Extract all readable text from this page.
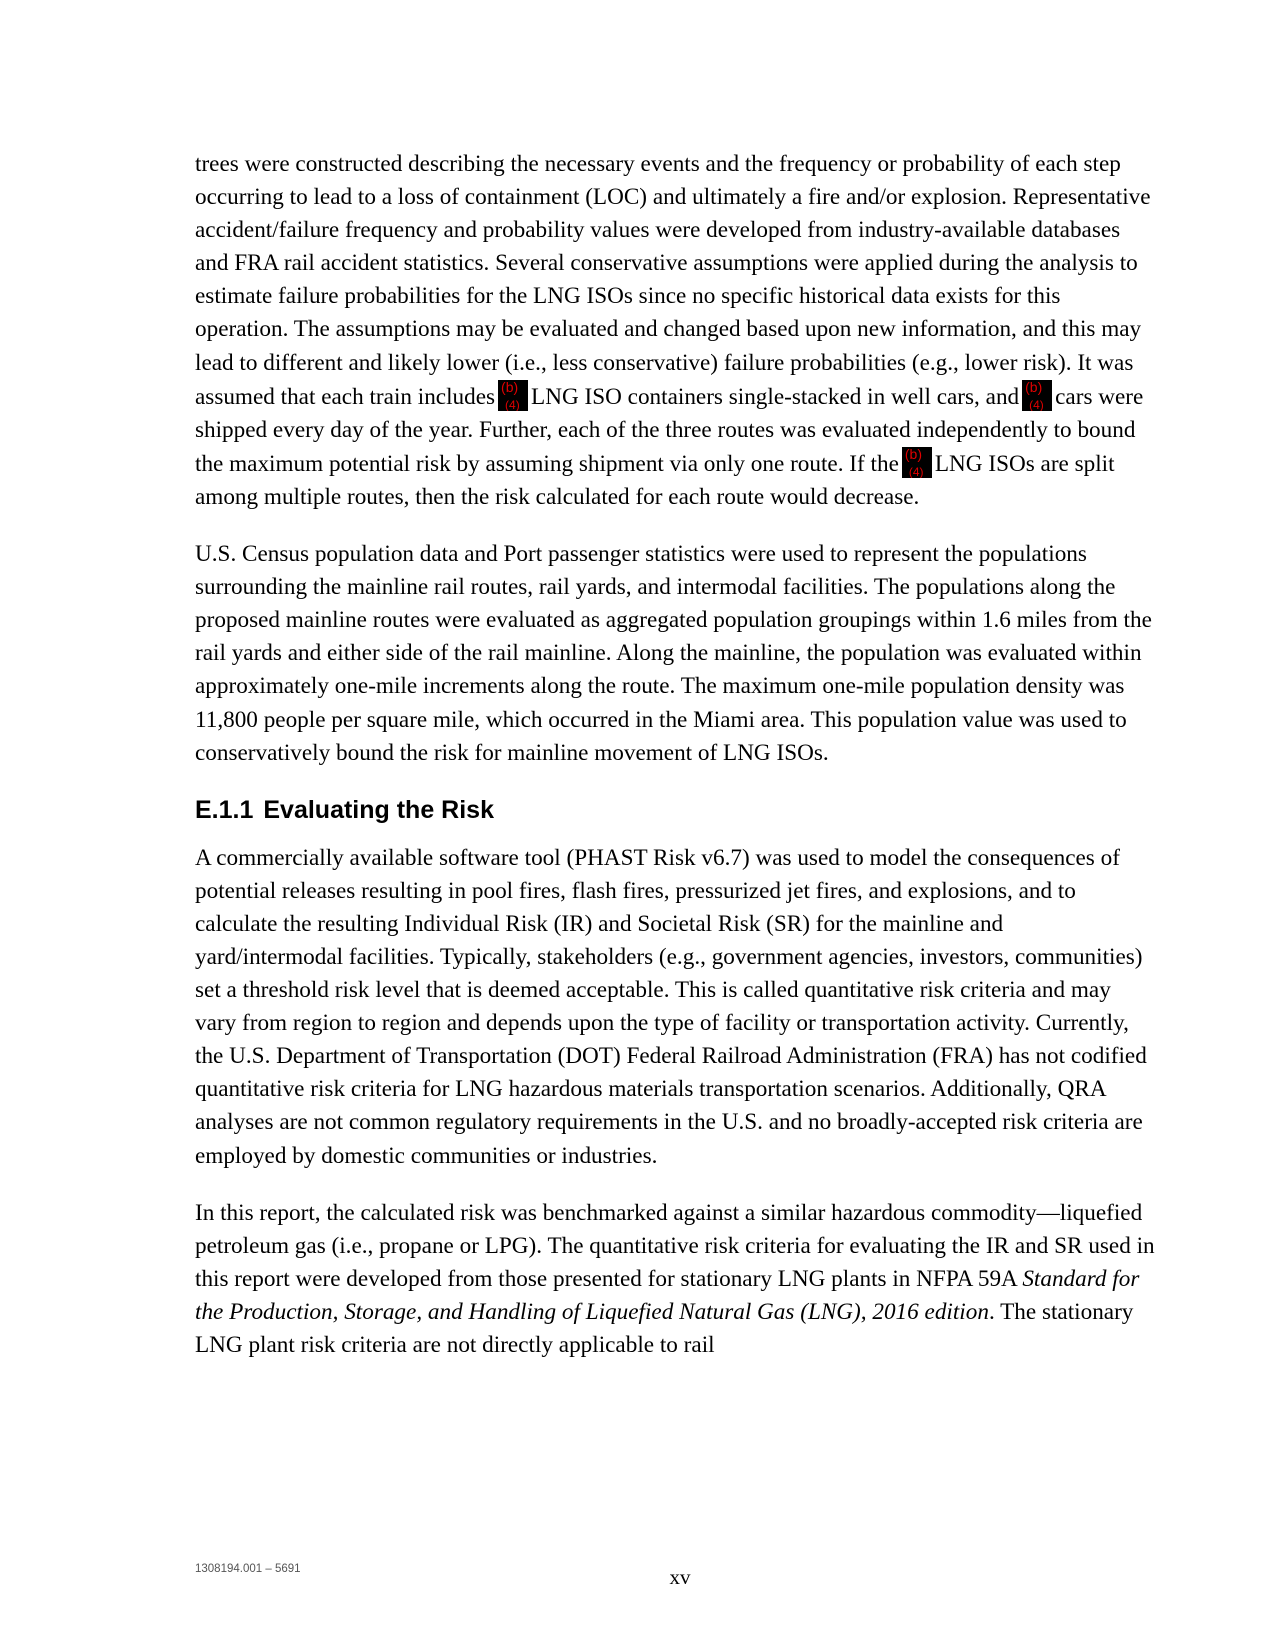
trees were constructed describing the necessary events and the frequency or probability of each step occurring to lead to a loss of containment (LOC) and ultimately a fire and/or explosion. Representative accident/failure frequency and probability values were developed from industry-available databases and FRA rail accident statistics. Several conservative assumptions were applied during the analysis to estimate failure probabilities for the LNG ISOs since no specific historical data exists for this operation. The assumptions may be evaluated and changed based upon new information, and this may lead to different and likely lower (i.e., less conservative) failure probabilities (e.g., lower risk). It was assumed that each train includes (b)
(4) LNG ISO containers single-stacked in well cars, and (b)
(4) cars were shipped every day of the year. Further, each of the three routes was evaluated independently to bound the maximum potential risk by assuming shipment via only one route. If the (b)
(4) LNG ISOs are split among multiple routes, then the risk calculated for each route would decrease.

U.S. Census population data and Port passenger statistics were used to represent the populations surrounding the mainline rail routes, rail yards, and intermodal facilities. The populations along the proposed mainline routes were evaluated as aggregated population groupings within 1.6 miles from the rail yards and either side of the rail mainline. Along the mainline, the population was evaluated within approximately one-mile increments along the route. The maximum one-mile population density was 11,800 people per square mile, which occurred in the Miami area. This population value was used to conservatively bound the risk for mainline movement of LNG ISOs.

E.1.1 Evaluating the Risk

A commercially available software tool (PHAST Risk v6.7) was used to model the consequences of potential releases resulting in pool fires, flash fires, pressurized jet fires, and explosions, and to calculate the resulting Individual Risk (IR) and Societal Risk (SR) for the mainline and yard/intermodal facilities. Typically, stakeholders (e.g., government agencies, investors, communities) set a threshold risk level that is deemed acceptable. This is called quantitative risk criteria and may vary from region to region and depends upon the type of facility or transportation activity. Currently, the U.S. Department of Transportation (DOT) Federal Railroad Administration (FRA) has not codified quantitative risk criteria for LNG hazardous materials transportation scenarios. Additionally, QRA analyses are not common regulatory requirements in the U.S. and no broadly-accepted risk criteria are employed by domestic communities or industries.

In this report, the calculated risk was benchmarked against a similar hazardous commodity—liquefied petroleum gas (i.e., propane or LPG). The quantitative risk criteria for evaluating the IR and SR used in this report were developed from those presented for stationary LNG plants in NFPA 59A Standard for the Production, Storage, and Handling of Liquefied Natural Gas (LNG), 2016 edition. The stationary LNG plant risk criteria are not directly applicable to rail

1308194.001 – 5691	xv
